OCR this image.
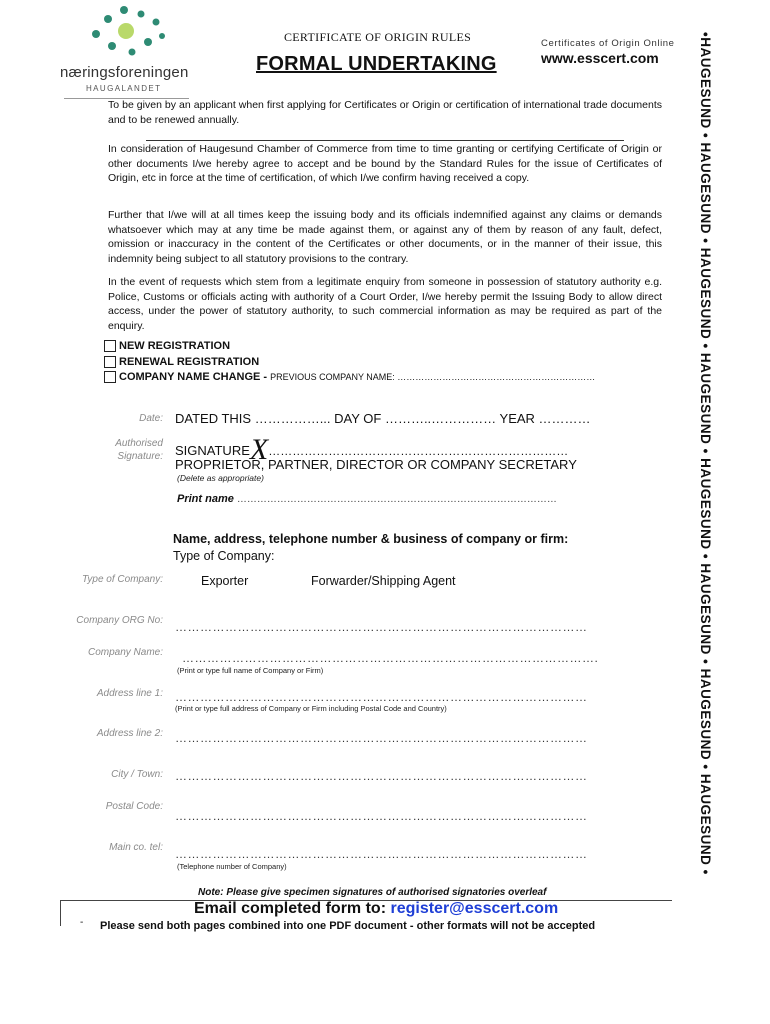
næringsforeningen
HAUGALANDET
CERTIFICATE OF ORIGIN RULES
FORMAL UNDERTAKING
Certificates of Origin Online
www.esscert.com
To be given by an applicant when first applying for Certificates or Origin or certification of international trade documents and to be renewed annually.
In consideration of Haugesund Chamber of Commerce from time to time granting or certifying Certificate of Origin or other documents I/we hereby agree to accept and be bound by the Standard Rules for the issue of Certificates of Origin, etc in force at the time of certification, of which I/we confirm having received a copy.
Further that I/we will at all times keep the issuing body and its officials indemnified against any claims or demands whatsoever which may at any time be made against them, or against any of them by reason of any fault, defect, omission or inaccuracy in the content of the Certificates or other documents, or in the manner of their issue, this indemnity being subject to all statutory provisions to the contrary.
In the event of requests which stem from a legitimate enquiry from someone in possession of statutory authority e.g. Police, Customs or officials acting with authority of a Court Order, I/we hereby permit the Issuing Body to allow direct access, under the power of statutory authority, to such commercial information as may be required as part of the enquiry.
NEW REGISTRATION
RENEWAL REGISTRATION
COMPANY NAME CHANGE - PREVIOUS COMPANY NAME: …………………………………………………………
Date: DATED THIS ……………... DAY OF ………..…………… YEAR …………
Authorised
Signature: SIGNATUREX…………………………………………………………………
PROPRIETOR, PARTNER, DIRECTOR OR COMPANY SECRETARY
(Delete as appropriate)
Print name ……………………………………………………………………………………
Name, address, telephone number & business of company or firm:
Type of Company:
Type of Company:	Exporter	Forwarder/Shipping Agent
Company ORG No: ………………………………………………………………………………………
Company Name: ……………………………………………………………………………………….
(Print or type full name of Company or Firm)
Address line 1: ………………………………………………………………………………………
(Print or type full address of Company or Firm including Postal Code and Country)
Address line 2: ………………………………………………………………………………………
City / Town: ………………………………………………………………………………………
Postal Code:
………………………………………………………………………………………
Main co. tel: ………………………………………………………………………………………
(Telephone number of Company)
Note: Please give specimen signatures of authorised signatories overleaf
Email completed form to: register@esscert.com
- Please send both pages combined into one PDF document - other formats will not be accepted
•HAUGESUND • HAUGESUND • HAUGESUND • HAUGESUND • HAUGESUND • HAUGESUND • HAUGESUND • HAUGESUND •
